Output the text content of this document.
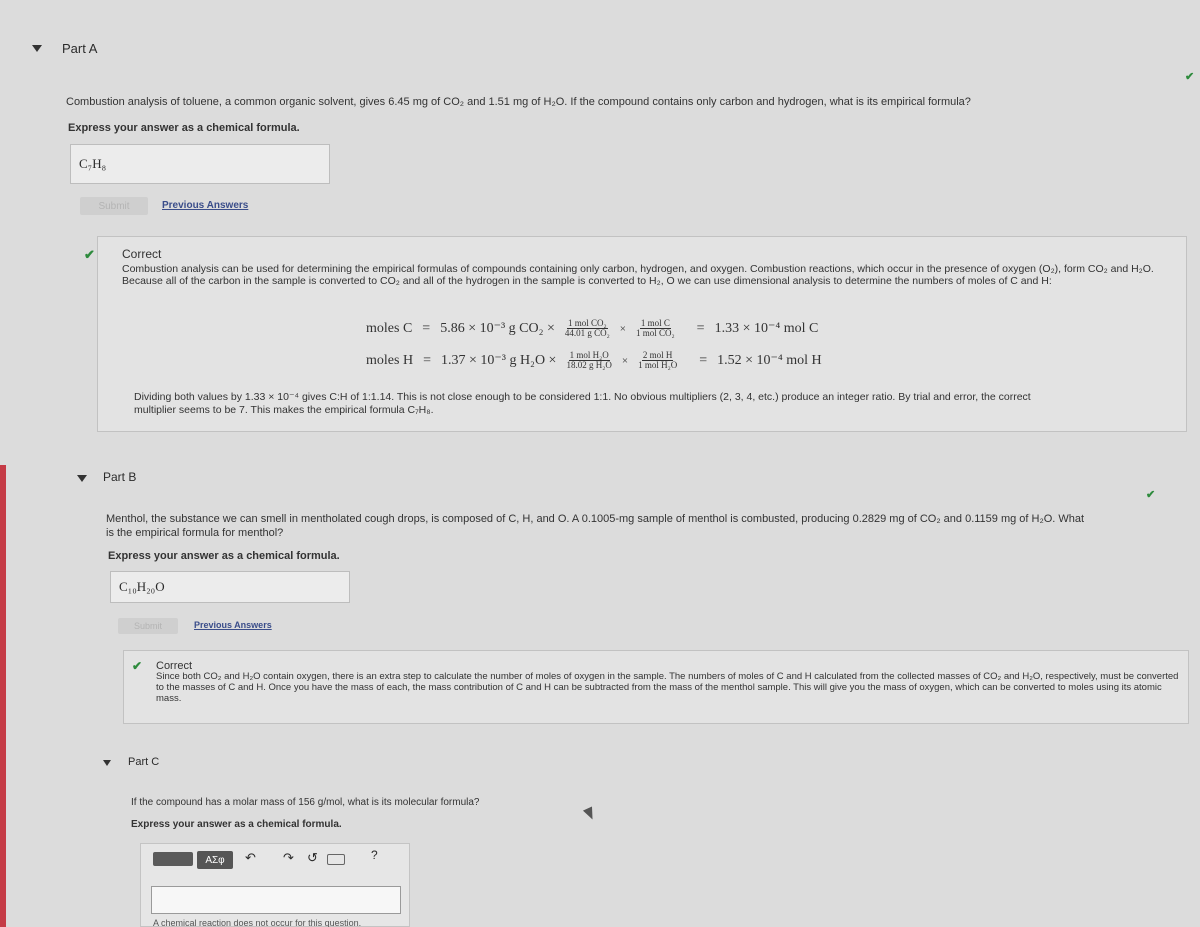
Part A
Combustion analysis of toluene, a common organic solvent, gives 6.45 mg of CO₂ and 1.51 mg of H₂O. If the compound contains only carbon and hydrogen, what is its empirical formula?
Express your answer as a chemical formula.
C₇H₈
Submit	Previous Answers
✔ Correct
Combustion analysis can be used for determining the empirical formulas of compounds containing only carbon, hydrogen, and oxygen. Combustion reactions, which occur in the presence of oxygen (O₂), form CO₂ and H₂O. Because all of the carbon in the sample is converted to CO₂ and all of the hydrogen in the sample is converted to H₂, O we can use dimensional analysis to determine the numbers of moles of C and H:
moles C = 5.86 × 10⁻³ g $CO_2 \times \frac{\text{1 mol CO₂}}{\text{44.01 g CO₂}} \times \frac{\text{1 mol C}}{\text{1 mol CO₂}} = 1.33 \times 10^{-4}$ mol C
moles H = 1.37 × 10⁻³ g $H_2O \times \frac{\text{1 mol H₂O}}{\text{18.02 g H₂O}} \times \frac{\text{2 mol H}}{\text{1 mol H₂O}} = 1.52 \times 10^{-4}$ mol H
Dividing both values by 1.33 × 10⁻⁴ gives C:H of 1:1.14. This is not close enough to be considered 1:1. No obvious multipliers (2, 3, 4, etc.) produce an integer ratio. By trial and error, the correct
multiplier seems to be 7. This makes the empirical formula C₇H₈.
Part B
✔
Menthol, the substance we can smell in mentholated cough drops, is composed of C, H, and O. A 0.1005-mg sample of menthol is combusted, producing 0.2829 mg of CO₂ and 0.1159 mg of H₂O. What
is the empirical formula for menthol?
Express your answer as a chemical formula.
C₁₀H₂₀O
Submit	Previous Answers
✔ Correct
Since both CO₂ and H₂O contain oxygen, there is an extra step to calculate the number of moles of oxygen in the sample. The numbers of moles of C and H calculated from the collected masses of CO₂ and H₂O, respectively, must be converted to the masses of C and H. Once you have the mass of each, the mass contribution of C and H can be subtracted from the mass of the menthol sample. This will give you the mass of oxygen, which can be converted to moles using its atomic mass.
Part C
If the compound has a molar mass of 156 g/mol, what is its molecular formula?
Express your answer as a chemical formula.
ΑΣφ	↶ ↷ ↺	?
A chemical reaction does not occur for this question.
✔
